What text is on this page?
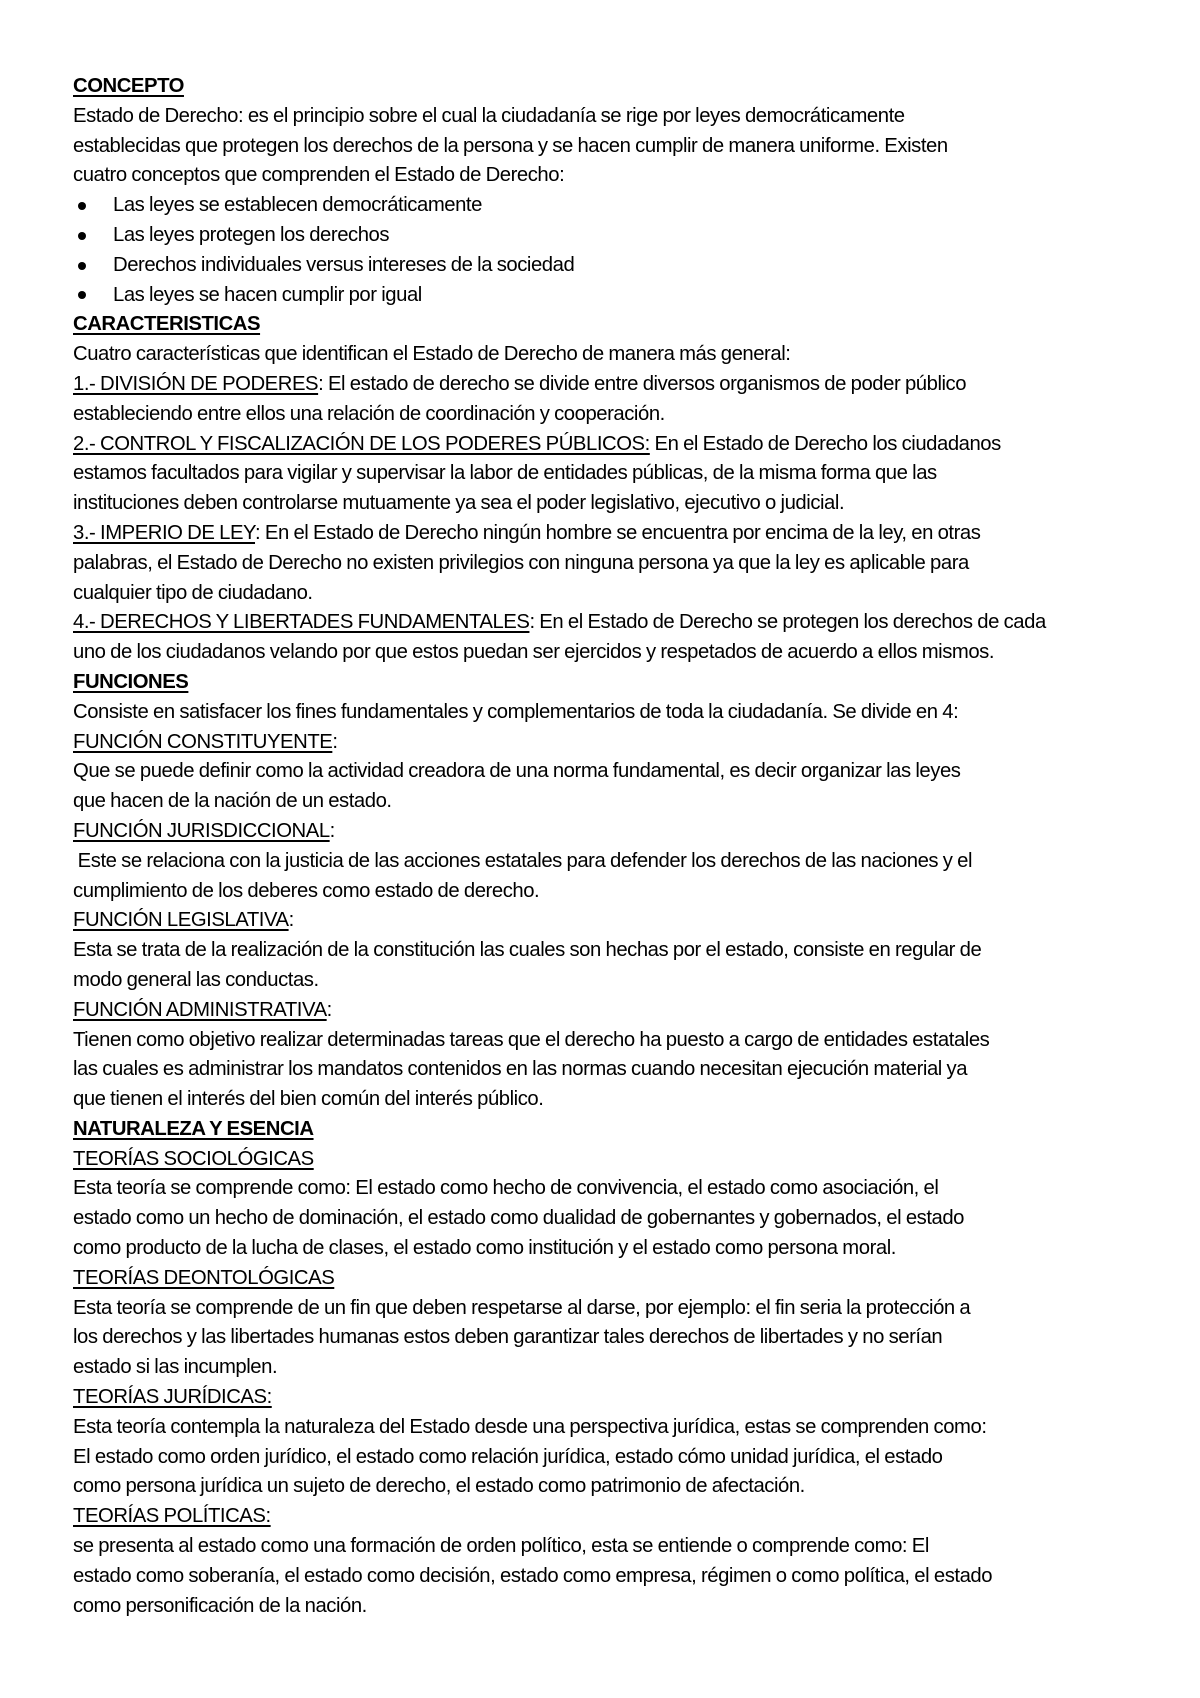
CONCEPTO
Estado de Derecho: es el principio sobre el cual la ciudadanía se rige por leyes democráticamente
establecidas que protegen los derechos de la persona y se hacen cumplir de manera uniforme. Existen
cuatro conceptos que comprenden el Estado de Derecho:
Las leyes se establecen democráticamente
Las leyes protegen los derechos
Derechos individuales versus intereses de la sociedad
Las leyes se hacen cumplir por igual
CARACTERISTICAS
Cuatro características que identifican el Estado de Derecho de manera más general:
1.- DIVISIÓN DE PODERES: El estado de derecho se divide entre diversos organismos de poder público
estableciendo entre ellos una relación de coordinación y cooperación.
2.- CONTROL Y FISCALIZACIÓN DE LOS PODERES PÚBLICOS: En el Estado de Derecho los ciudadanos
estamos facultados para vigilar y supervisar la labor de entidades públicas, de la misma forma que las
instituciones deben controlarse mutuamente ya sea el poder legislativo, ejecutivo o judicial.
3.- IMPERIO DE LEY: En el Estado de Derecho ningún hombre se encuentra por encima de la ley, en otras
palabras, el Estado de Derecho no existen privilegios con ninguna persona ya que la ley es aplicable para
cualquier tipo de ciudadano.
4.- DERECHOS Y LIBERTADES FUNDAMENTALES: En el Estado de Derecho se protegen los derechos de cada
uno de los ciudadanos velando por que estos puedan ser ejercidos y respetados de acuerdo a ellos mismos.
FUNCIONES
Consiste en satisfacer los fines fundamentales y complementarios de toda la ciudadanía. Se divide en 4:
FUNCIÓN CONSTITUYENTE:
Que se puede definir como la actividad creadora de una norma fundamental, es decir organizar las leyes
que hacen de la nación de un estado.
FUNCIÓN JURISDICCIONAL:
Este se relaciona con la justicia de las acciones estatales para defender los derechos de las naciones y el
cumplimiento de los deberes como estado de derecho.
FUNCIÓN LEGISLATIVA:
Esta se trata de la realización de la constitución las cuales son hechas por el estado, consiste en regular de
modo general las conductas.
FUNCIÓN ADMINISTRATIVA:
Tienen como objetivo realizar determinadas tareas que el derecho ha puesto a cargo de entidades estatales
las cuales es administrar los mandatos contenidos en las normas cuando necesitan ejecución material ya
que tienen el interés del bien común del interés público.
NATURALEZA Y ESENCIA
TEORÍAS SOCIOLÓGICAS
Esta teoría se comprende como: El estado como hecho de convivencia, el estado como asociación, el
estado como un hecho de dominación, el estado como dualidad de gobernantes y gobernados, el estado
como producto de la lucha de clases, el estado como institución y el estado como persona moral.
TEORÍAS DEONTOLÓGICAS
Esta teoría se comprende de un fin que deben respetarse al darse, por ejemplo: el fin seria la protección a
los derechos y las libertades humanas estos deben garantizar tales derechos de libertades y no serían
estado si las incumplen.
TEORÍAS JURÍDICAS:
Esta teoría contempla la naturaleza del Estado desde una perspectiva jurídica, estas se comprenden como:
El estado como orden jurídico, el estado como relación jurídica, estado cómo unidad jurídica, el estado
como persona jurídica un sujeto de derecho, el estado como patrimonio de afectación.
TEORÍAS POLÍTICAS:
se presenta al estado como una formación de orden político, esta se entiende o comprende como: El
estado como soberanía, el estado como decisión, estado como empresa, régimen o como política, el estado
como personificación de la nación.
